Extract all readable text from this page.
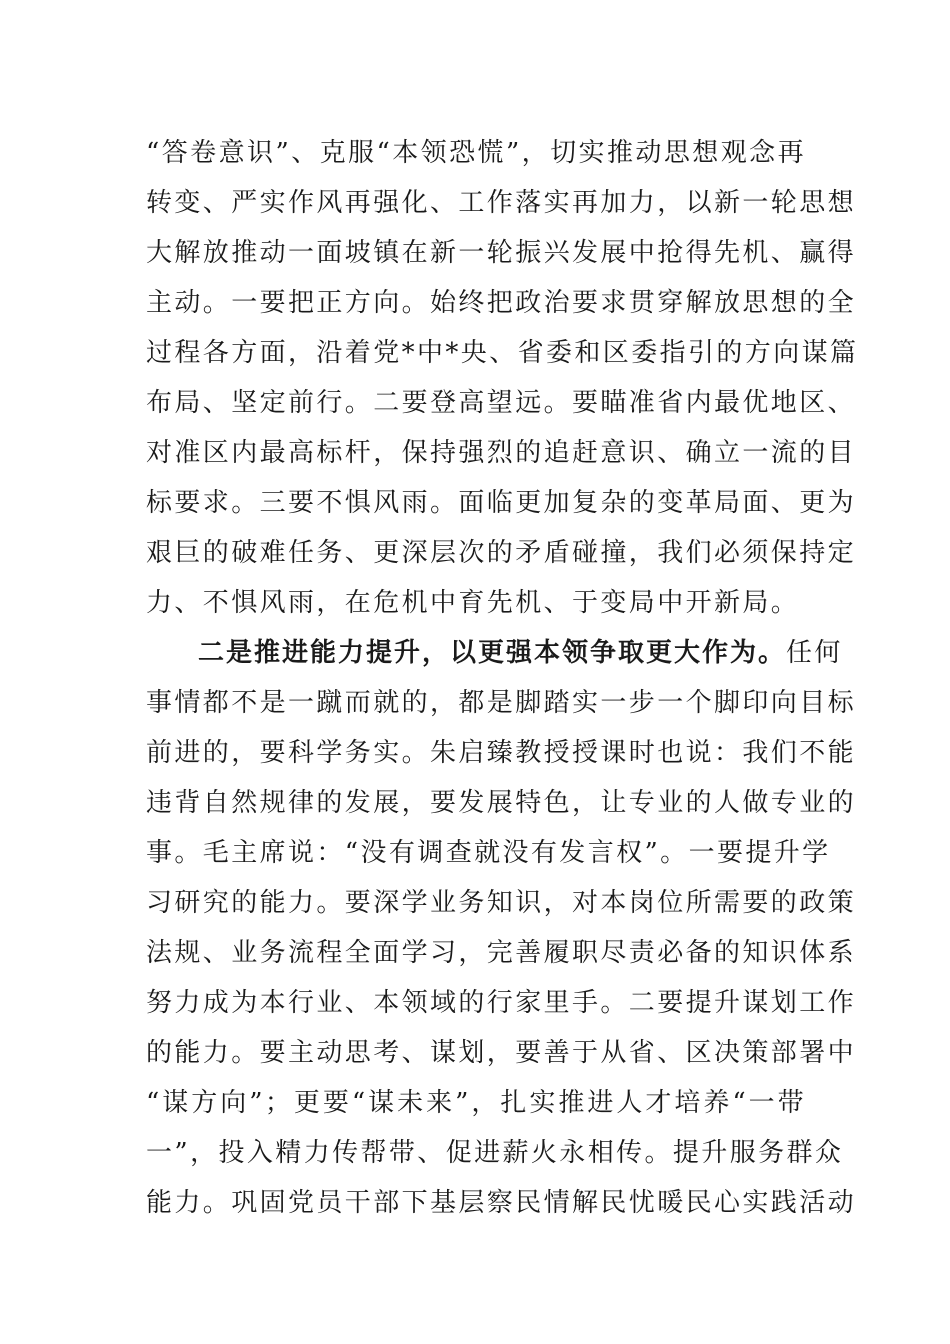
“答卷意识”、克服“本领恐慌”，切实推动思想观念再
转变、严实作风再强化、工作落实再加力，以新一轮思想
大解放推动一面坡镇在新一轮振兴发展中抢得先机、赢得
主动。一要把正方向。始终把政治要求贯穿解放思想的全
过程各方面，沿着党*中*央、省委和区委指引的方向谋篇
布局、坚定前行。二要登高望远。要瞄准省内最优地区、
对准区内最高标杆，保持强烈的追赶意识、确立一流的目
标要求。三要不惧风雨。面临更加复杂的变革局面、更为
艰巨的破难任务、更深层次的矛盾碰撞，我们必须保持定
力、不惧风雨，在危机中育先机、于变局中开新局。
二是推进能力提升，以更强本领争取更大作为。任何
事情都不是一蹴而就的，都是脚踏实一步一个脚印向目标
前进的，要科学务实。朱启臻教授授课时也说：我们不能
违背自然规律的发展，要发展特色，让专业的人做专业的
事。毛主席说：“没有调查就没有发言权”。一要提升学
习研究的能力。要深学业务知识，对本岗位所需要的政策
法规、业务流程全面学习，完善履职尽责必备的知识体系
努力成为本行业、本领域的行家里手。二要提升谋划工作
的能力。要主动思考、谋划，要善于从省、区决策部署中
“谋方向”；更要“谋未来”，扎实推进人才培养“一带
一”，投入精力传帮带、促进薪火永相传。提升服务群众
能力。巩固党员干部下基层察民情解民忧暖民心实践活动
